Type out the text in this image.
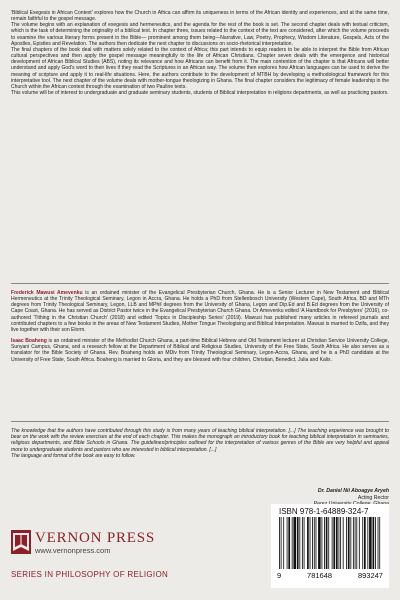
'Biblical Exegesis in African Context' explores how the Church in Africa can affirm its uniqueness in terms of the African identity and experiences, and at the same time, remain faithful to the gospel message.

The volume begins with an explanation of exegesis and hermeneutics, and the agenda for the rest of the book is set. The second chapter deals with textual criticism, which is the task of determining the originality of a biblical text. In chapter three, issues related to the context of the text are considered, after which the volume proceeds to examine the various literary forms present in the Bible— prominent among them being—Narrative, Law, Poetry, Prophecy, Wisdom Literature, Gospels, Acts of the Apostles, Epistles and Revelation. The authors then dedicate the next chapter to discussions on socio-rhetorical interpretation.

The final chapters of the book deal with matters solely related to the context of Africa; this part intends to equip readers to be able to interpret the Bible from African cultural perspectives and then apply the gospel message meaningfully to the life of African Christians. Chapter seven deals with the emergence and historical development of African Biblical Studies (ABS), noting its relevance and how Africans can benefit from it. The main contention of the chapter is that Africans will better understand and apply God's word to their lives if they read the Scriptures in an African way. The volume then explores how African languages can be used to derive the meaning of scripture and apply it to real-life situations. Here, the authors contribute to the development of MTBH by developing a methodological framework for this interpretative tool. The next chapter of the volume deals with mother-tongue theologizing in Ghana. The final chapter considers the legitimacy of female leadership in the Church within the African context through the examination of two Pauline texts.

This volume will be of interest to undergraduate and graduate seminary students, students of Biblical interpretation in religions departments, as well as practicing pastors.

Frederick Mawusi Amevenku is an ordained minister of the Evangelical Presbyterian Church, Ghana. He is a Senior Lecturer in New Testament and Biblical Hermeneutics at the Trinity Theological Seminary, Legon in Accra, Ghana. He holds a PhD from Stellenbosch University (Western Cape), South Africa, BD and MTh degrees from Trinity Theological Seminary, Legon, LLB and MPhil degrees from the University of Ghana, Legon and Dip.Ed and B.Ed degrees from the University of Cape Coast, Ghana. He has served as District Pastor twice in the Evangelical Presbyterian Church Ghana. Dr Amevenku edited 'A Handbook for Presbyters' (2016), co-authored 'Tithing in the Christian Church' (2018) and edited 'Topics in Discipleship Series' (2019). Mawusi has published many articles in refereed journals and contributed chapters to a few books in the areas of New Testament Studies, Mother Tongue Theologising and Biblical Interpretation. Mawusi is married to Dzifa, and they live together with their son Elorm.

Isaac Boaheng is an ordained minister of the Methodist Church Ghana, a part-time Biblical Hebrew and Old Testament lecturer at Christian Service University College, Sunyani Campus, Ghana, and a research fellow at the Department of Biblical and Religious Studies, University of the Free State, South Africa. He also serves as a translator for the Bible Society of Ghana. Rev. Boaheng holds an MDiv from Trinity Theological Seminary, Legon-Accra, Ghana, and he is a PhD candidate at the University of Free State, South Africa. Boaheng is married to Gloria, and they are blessed with four children, Christian, Benedict, Julia and Kalix.

The knowledge that the authors have contributed through this study is from many years of teaching biblical interpretation. [...] The teaching experience was brought to bear on the work with the review exercises at the end of each chapter. This makes the monograph an introductory book for teaching biblical interpretation in seminaries, religious departments, and Bible Schools in Ghana. The guidelines/principles outlined for the interpretation of various genres of the Bible are very helpful and appeal more to undergraduate students and pastors who are interested in biblical interpretation. [...]
The language and format of the book are easy to follow.
Dr. Daniel Nii Aboagye Aryeh
Acting Rector
VERNON PRESS
www.vernonpress.com
SERIES IN PHILOSOPHY OF RELIGION
ISBN 978-1-64889-324-7
9	781648	893247
